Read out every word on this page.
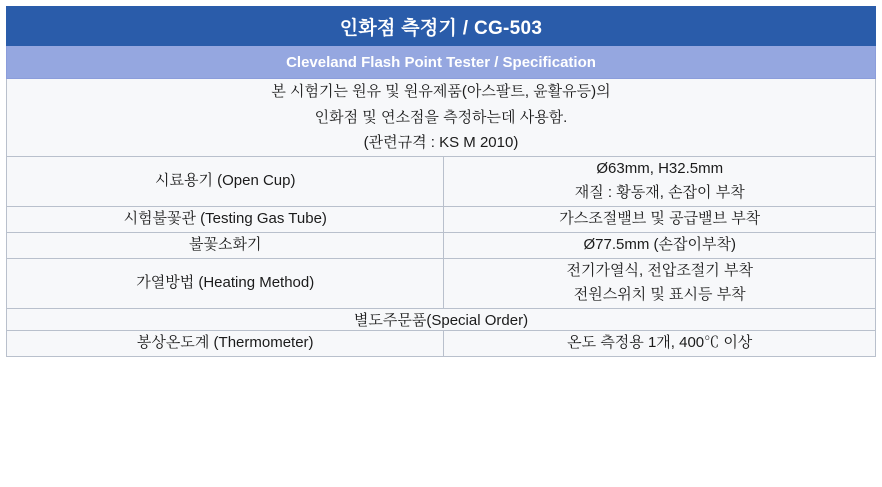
인화점 측정기 / CG-503	
Cleveland Flash Point Tester / Specification	

본 시험기는 원유 및 원유제품(아스팔트, 윤활유등)의
인화점 및 연소점을 측정하는데 사용함.
(관련규격 : KS M 2010)	

시료용기 (Open Cup)	Ø63mm, H32.5mm
재질 : 황동재, 손잡이 부착

시험불꽃관 (Testing Gas Tube)	가스조절밸브 및 공급밸브 부착

불꽃소화기	Ø77.5mm (손잡이부착)

가열방법 (Heating Method)	전기가열식, 전압조절기 부착
전원스위치 및 표시등 부착

별도주문품(Special Order)	
봉상온도계 (Thermometer)	온도 측정용 1개, 400℃ 이상
